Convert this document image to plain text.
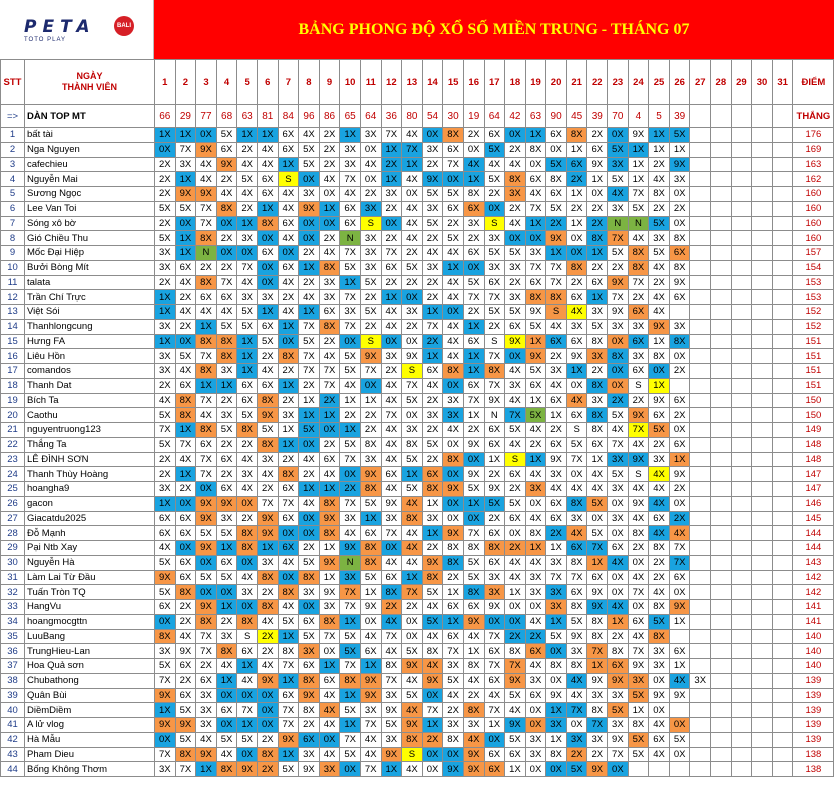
PETA
TOTO PLAY
BALI	BẢNG PHONG ĐỘ XỔ SỐ MIỀN TRUNG - THÁNG 07
STT	NGÀY
THÀNH VIÊN	1	2	3	4	5	6	7	8	9	10	11	12	13	14	15	16	17	18	19	20	21	22	23	24	25	26	27	28	29	30	31	ĐIỂM
=>	DÀN TOP MT	66	29	77	68	63	81	84	96	86	65	64	36	80	54	30	19	64	42	63	90	45	39	70	4	5	39						THẮNG
1	bất tài	1X	1X	0X	5X	1X	1X	6X	4X	2X	1X	3X	7X	4X	0X	8X	2X	6X	0X	1X	6X	8X	2X	0X	9X	1X	5X						176
2	Nga Nguyen	0X	7X	9X	6X	2X	4X	6X	5X	2X	3X	0X	1X	7X	3X	6X	0X	5X	2X	8X	0X	1X	6X	5X	1X	1X	1X						169
3	cafechieu	2X	3X	4X	9X	4X	4X	1X	5X	2X	3X	4X	2X	1X	2X	7X	4X	4X	4X	0X	5X	6X	9X	3X	1X	2X	9X						163
4	Nguyễn Mai	2X	1X	4X	2X	5X	6X	S	0X	4X	7X	0X	1X	4X	9X	0X	1X	5X	8X	6X	8X	2X	1X	5X	1X	4X	3X						162
5	Sương Ngọc	2X	9X	9X	4X	4X	6X	4X	3X	0X	4X	2X	3X	0X	5X	5X	8X	2X	3X	4X	6X	1X	0X	4X	7X	8X	0X						160
6	Lee Van Toi	5X	5X	7X	8X	2X	1X	4X	9X	1X	6X	3X	2X	4X	3X	6X	6X	0X	2X	7X	5X	2X	2X	3X	5X	2X	2X						160
7	Sóng xô bờ	2X	0X	7X	0X	1X	8X	6X	0X	0X	6X	S	0X	4X	5X	2X	3X	S	4X	1X	2X	1X	2X	N	N	5X	0X						160
8	Gió Chiều Thu	5X	1X	8X	2X	3X	0X	4X	0X	2X	N	3X	2X	4X	2X	5X	2X	3X	0X	0X	9X	0X	8X	7X	4X	3X	8X						160
9	Mốc Đại Hiệp	3X	1X	N	0X	0X	6X	0X	2X	4X	7X	3X	7X	2X	4X	4X	6X	5X	5X	3X	1X	0X	1X	5X	8X	5X	6X						157
10	Bưởi Bòng Mít	3X	6X	2X	2X	7X	0X	6X	1X	8X	5X	3X	6X	5X	3X	1X	0X	3X	3X	7X	7X	8X	2X	2X	8X	4X	8X						154
11	talata	2X	4X	8X	7X	4X	0X	4X	2X	3X	1X	5X	2X	2X	2X	4X	5X	6X	2X	6X	7X	2X	6X	9X	7X	2X	9X						153
12	Trần Chí Trực	1X	2X	6X	6X	3X	3X	2X	4X	3X	7X	2X	1X	0X	2X	4X	7X	7X	3X	8X	8X	6X	1X	7X	2X	4X	6X						153
13	Việt Sói	1X	4X	4X	4X	5X	1X	4X	1X	6X	3X	5X	4X	3X	1X	0X	2X	5X	5X	9X	S	4X	3X	9X	6X	4X							152
14	Thanhlongcung	3X	2X	1X	5X	5X	6X	1X	7X	8X	7X	2X	4X	2X	7X	4X	1X	2X	6X	5X	4X	3X	5X	3X	3X	9X	3X						152
15	Hưng FA	1X	0X	8X	8X	1X	5X	0X	5X	2X	0X	S	0X	0X	2X	4X	6X	S	9X	1X	6X	6X	8X	0X	6X	1X	8X						151
16	Liêu Hồn	3X	5X	7X	8X	1X	2X	8X	7X	4X	5X	9X	3X	9X	1X	4X	1X	7X	0X	9X	2X	9X	3X	8X	3X	8X	0X						151
17	comandos	3X	4X	8X	3X	1X	4X	2X	7X	7X	5X	7X	2X	S	6X	8X	1X	8X	4X	5X	3X	1X	2X	0X	6X	0X	2X						151
18	Thanh Dat	2X	6X	1X	1X	6X	6X	1X	2X	7X	4X	0X	4X	7X	4X	0X	6X	7X	3X	6X	4X	0X	8X	0X	S	1X							151
19	Bích Ta	4X	8X	7X	2X	6X	8X	2X	1X	2X	1X	1X	4X	5X	2X	3X	7X	9X	4X	1X	6X	4X	3X	2X	2X	9X	6X						150
20	Caothu	5X	8X	4X	3X	5X	9X	3X	1X	1X	2X	2X	7X	0X	3X	3X	1X	N	7X	5X	1X	6X	8X	5X	9X	6X	2X						150
21	nguyentruong123	7X	1X	8X	5X	8X	5X	1X	5X	0X	1X	2X	4X	3X	2X	4X	2X	6X	5X	4X	2X	S	8X	4X	7X	5X	0X						149
22	Thắng Ta	5X	7X	6X	2X	2X	8X	1X	0X	2X	5X	8X	4X	8X	5X	0X	9X	6X	4X	2X	6X	5X	6X	7X	4X	2X	6X						148
23	LÊ ĐÌNH SƠN	2X	4X	7X	6X	4X	3X	2X	4X	6X	7X	3X	4X	5X	2X	8X	0X	1X	S	1X	9X	7X	1X	3X	9X	3X	1X						148
24	Thanh Thùy Hoàng	2X	1X	7X	2X	3X	4X	8X	2X	4X	0X	9X	6X	1X	6X	0X	9X	2X	6X	4X	3X	0X	4X	5X	S	4X	9X						147
25	hoangha9	3X	2X	0X	6X	4X	2X	6X	1X	1X	2X	8X	4X	5X	8X	9X	5X	9X	2X	3X	4X	4X	4X	3X	4X	4X	2X						147
26	gacon	1X	0X	9X	9X	0X	7X	7X	4X	8X	7X	5X	9X	4X	1X	0X	1X	5X	5X	0X	6X	8X	5X	0X	9X	4X	0X						146
27	Giacatdu2025	6X	6X	9X	3X	2X	9X	6X	0X	9X	3X	1X	3X	8X	3X	0X	0X	2X	6X	4X	6X	3X	0X	3X	4X	6X	2X						145
28	Đỗ Mạnh	6X	6X	5X	5X	8X	9X	0X	0X	8X	4X	6X	7X	4X	1X	9X	7X	6X	0X	8X	2X	4X	5X	0X	8X	4X	4X						144
29	Pại Ntb Xay	4X	0X	9X	1X	8X	1X	6X	2X	1X	9X	8X	0X	4X	2X	8X	8X	8X	2X	1X	1X	6X	7X	6X	2X	8X	7X						144
30	Nguyễn Hà	5X	6X	0X	6X	0X	3X	4X	5X	9X	N	8X	4X	4X	9X	8X	5X	6X	4X	4X	3X	8X	1X	4X	0X	2X	7X						143
31	Làm Lai Từ Đầu	9X	6X	5X	5X	4X	8X	0X	8X	1X	3X	5X	6X	1X	8X	2X	5X	3X	4X	3X	7X	7X	6X	0X	4X	2X	6X						142
32	Tuấn Tròn TQ	5X	8X	0X	0X	3X	2X	8X	3X	9X	7X	1X	8X	7X	5X	1X	8X	3X	1X	3X	3X	6X	9X	0X	7X	4X	0X						142
33	HangVu	6X	2X	9X	1X	0X	8X	4X	0X	3X	7X	9X	2X	2X	4X	6X	6X	9X	0X	0X	3X	8X	9X	4X	0X	8X	9X						141
34	hoangmocgttn	0X	2X	8X	2X	8X	4X	5X	6X	8X	1X	0X	4X	0X	5X	1X	9X	0X	0X	4X	1X	5X	8X	1X	6X	5X	1X						141
35	LuuBang	8X	4X	7X	3X	S	2X	1X	5X	7X	5X	4X	7X	0X	4X	6X	4X	7X	2X	2X	5X	9X	8X	2X	4X	8X							140
36	TrungHieu-Lan	3X	9X	7X	8X	6X	2X	8X	3X	0X	5X	6X	4X	5X	8X	7X	1X	6X	8X	6X	0X	3X	7X	8X	7X	3X	6X						140
37	Hoa Quả sơn	5X	6X	2X	4X	1X	4X	7X	6X	1X	7X	1X	8X	9X	4X	3X	8X	7X	7X	4X	8X	8X	1X	6X	9X	3X	1X						140
38	Chubathong	7X	2X	6X	1X	4X	9X	1X	8X	6X	8X	9X	7X	4X	9X	5X	4X	6X	9X	3X	0X	4X	9X	9X	3X	0X	4X	3X					139
39	Quân Bùi	9X	6X	3X	0X	0X	0X	6X	9X	4X	1X	9X	3X	5X	0X	4X	2X	4X	5X	6X	9X	4X	3X	3X	5X	9X	9X						139
40	DiềmDiềm	1X	5X	3X	6X	7X	0X	7X	8X	4X	5X	3X	9X	4X	7X	2X	8X	7X	4X	0X	1X	7X	8X	5X	1X	0X							139
41	A lử vlog	9X	9X	3X	0X	1X	0X	7X	2X	4X	1X	7X	5X	9X	1X	3X	3X	1X	9X	0X	3X	0X	7X	3X	8X	4X	0X						139
42	Hà Mẫu	0X	5X	4X	5X	5X	2X	9X	6X	0X	7X	4X	3X	8X	2X	8X	4X	0X	5X	3X	1X	3X	3X	9X	5X	6X	5X						139
43	Pham Dieu	7X	8X	9X	4X	0X	8X	1X	3X	4X	5X	4X	9X	S	0X	0X	9X	6X	6X	3X	8X	2X	2X	7X	5X	4X	0X						138
44	Bống Không Thơm	3X	7X	1X	8X	9X	2X	5X	9X	3X	0X	7X	1X	4X	0X	9X	9X	6X	1X	0X	0X	5X	9X	0X									138
